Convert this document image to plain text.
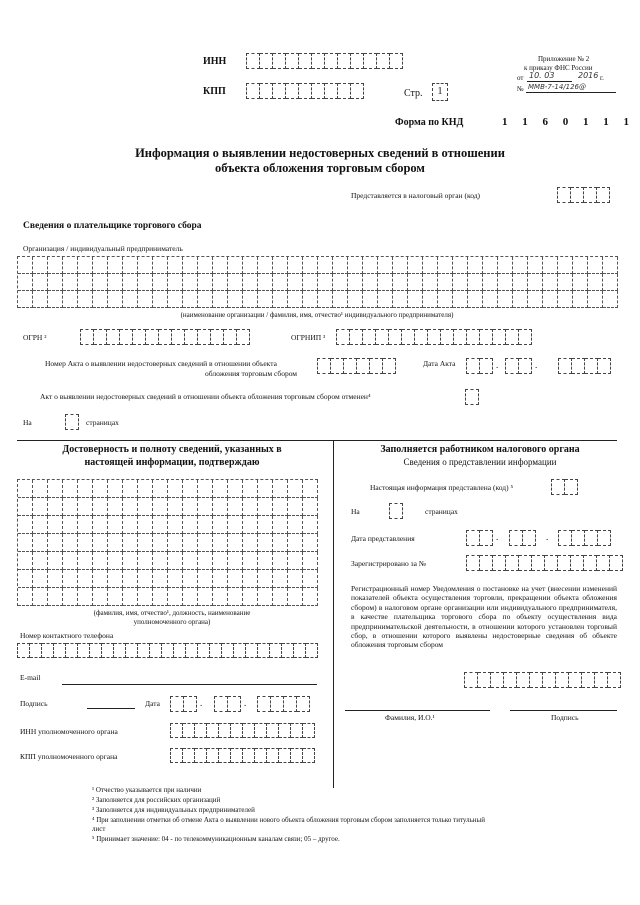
ИНН
КПП	Стр.	1
Приложение № 2
к приказу ФНС России
от 10. 03	2016 г.
№ ММВ-7-14/126@
Форма по КНД	1 1 6 0 1 1 1
Информация о выявлении недостоверных сведений в отношении
объекта обложения торговым сбором
Представляется в налоговый орган (код)
Сведения о плательщике торгового сбора
Организация / индивидуальный предприниматель
(наименование организации / фамилия, имя, отчество¹ индивидуального предпринимателя)
ОГРН ²	ОГРНИП ³
Номер Акта о выявлении недостоверных сведений в отношении объекта
обложения торговым сбором
Дата Акта	.	.
Акт о выявлении недостоверных сведений в отношении объекта обложения торговым сбором отменен⁴
На	страницах
Достоверность и полноту сведений, указанных в
настоящей информации, подтверждаю
(фамилия, имя, отчество¹, должность, наименование
уполномоченного органа)
Номер контактного телефона
E-mail
Подпись	Дата	.	.
ИНН уполномоченного органа
КПП уполномоченного органа
Заполняется работником налогового органа
Сведения о представлении информации
Настоящая информация представлена (код) ⁵
На	страницах
Дата представления	.	.
Зарегистрировано за №
Регистрационный номер Уведомления о постановке на учет (внесении изменений показателей объекта осуществления торговли, прекращении объекта обложения сбором) в налоговом органе организации или индивидуального предпринимателя, в качестве плательщика торгового сбора по объекту осуществления вида предпринимательской деятельности, в отношении которого установлен торговый сбор, в отношении которого выявлены недостоверные сведения об объекте обложения торговым сбором
Фамилия, И.О.¹	Подпись
¹ Отчество указывается при наличии
² Заполняется для российских организаций
³ Заполняется для индивидуальных предпринимателей
⁴ При заполнении отметки об отмене Акта о выявлении нового объекта обложения торговым сбором заполняется только титульный
лист
⁵ Принимает значение: 04 - по телекоммуникационным каналам связи; 05 – другое.
